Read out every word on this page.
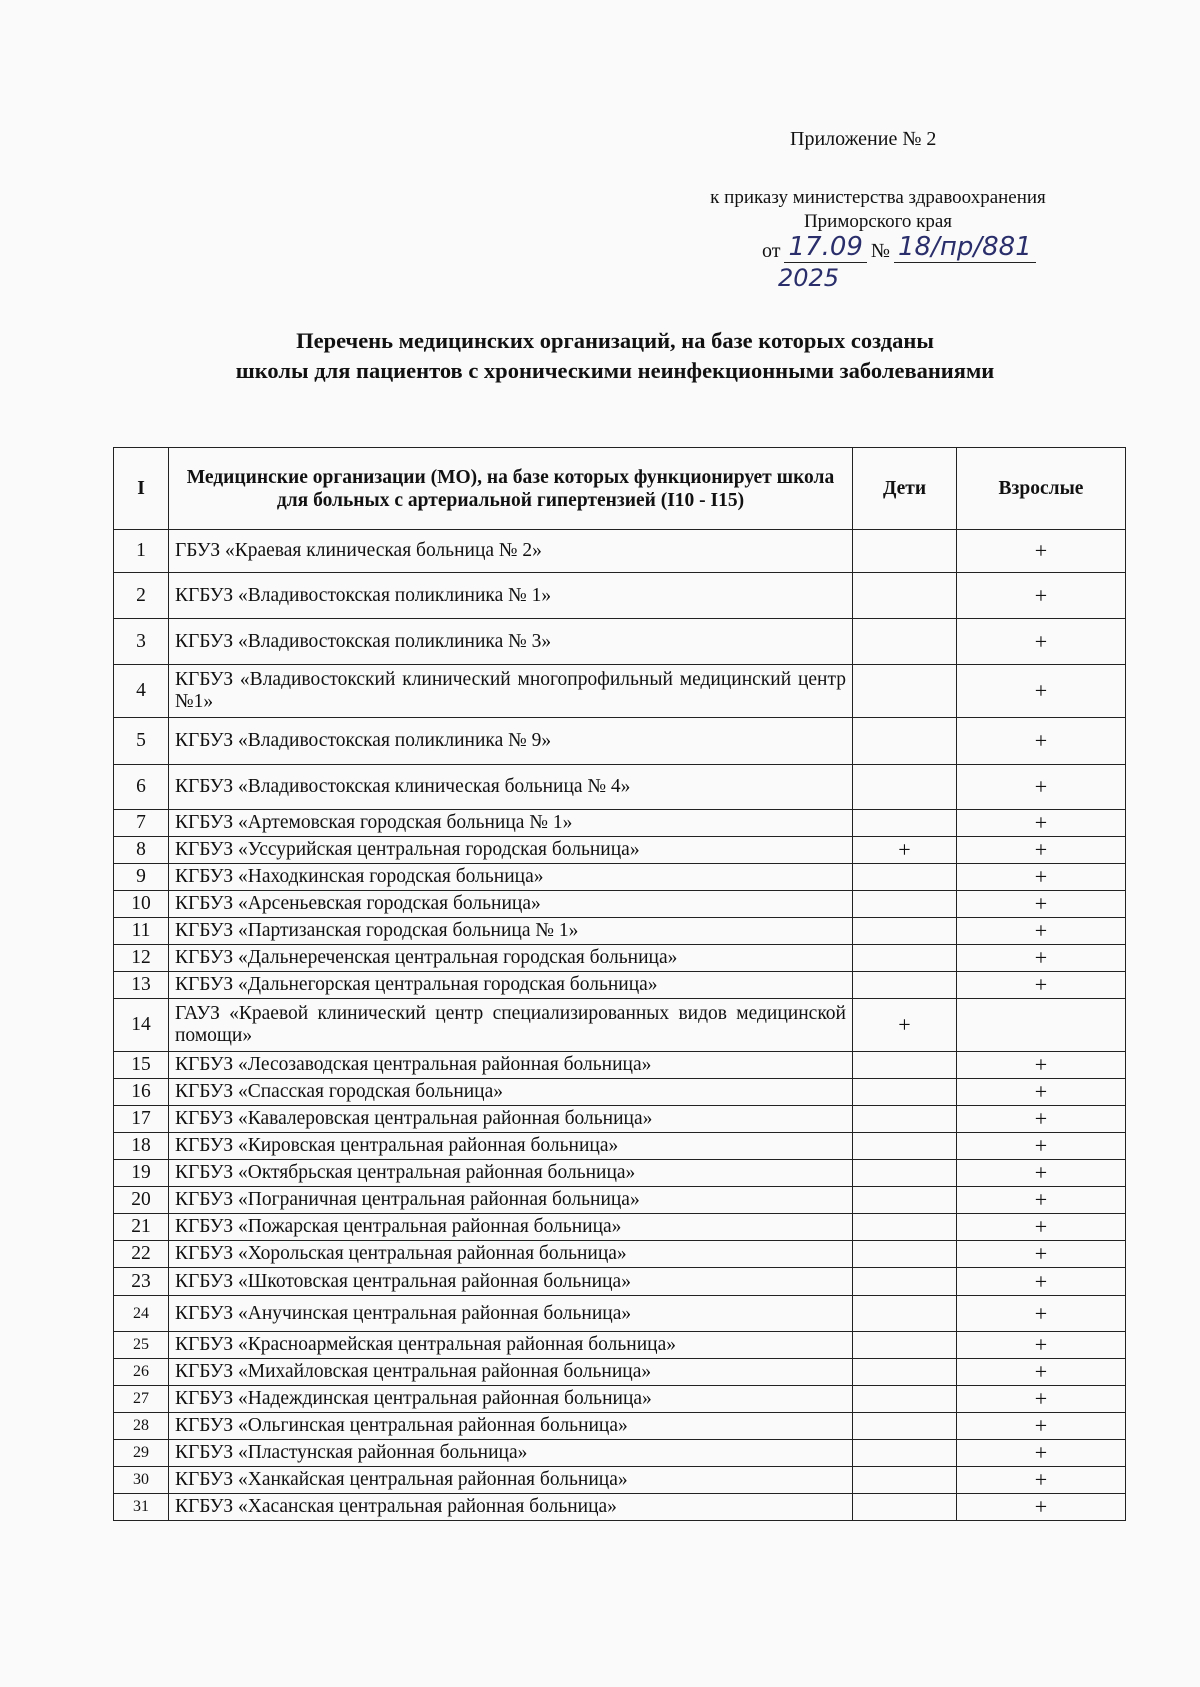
Приложение № 2
к приказу министерства здравоохранения
Приморского края
от 17.09 № 18/пр/881
2025
Перечень медицинских организаций, на базе которых созданы
школы для пациентов с хроническими неинфекционными заболеваниями
I	Медицинские организации (МО), на базе которых функционирует школа для больных с артериальной гипертензией (I10 - I15)	Дети	Взрослые
1	ГБУЗ «Краевая клиническая больница № 2»		+
2	КГБУЗ «Владивостокская поликлиника № 1»		+
3	КГБУЗ «Владивостокская поликлиника № 3»		+
4	КГБУЗ «Владивостокский клинический многопрофильный медицинский центр №1»		+
5	КГБУЗ «Владивостокская поликлиника № 9»		+
6	КГБУЗ «Владивостокская клиническая больница № 4»		+
7	КГБУЗ «Артемовская городская больница № 1»		+
8	КГБУЗ «Уссурийская центральная городская больница»	+	+
9	КГБУЗ «Находкинская городская больница»		+
10	КГБУЗ «Арсеньевская городская больница»		+
11	КГБУЗ «Партизанская городская больница № 1»		+
12	КГБУЗ «Дальнереченская центральная городская больница»		+
13	КГБУЗ «Дальнегорская центральная городская больница»		+
14	ГАУЗ «Краевой клинический центр специализированных видов медицинской помощи»	+	
15	КГБУЗ «Лесозаводская центральная районная больница»		+
16	КГБУЗ «Спасская городская больница»		+
17	КГБУЗ «Кавалеровская центральная районная больница»		+
18	КГБУЗ «Кировская центральная районная больница»		+
19	КГБУЗ «Октябрьская центральная районная больница»		+
20	КГБУЗ «Пограничная центральная районная больница»		+
21	КГБУЗ «Пожарская центральная районная больница»		+
22	КГБУЗ «Хорольская центральная районная больница»		+
23	КГБУЗ «Шкотовская центральная районная больница»		+
24	КГБУЗ «Анучинская центральная районная больница»		+
25	КГБУЗ «Красноармейская центральная районная больница»		+
26	КГБУЗ «Михайловская центральная районная больница»		+
27	КГБУЗ «Надеждинская центральная районная больница»		+
28	КГБУЗ «Ольгинская центральная районная больница»		+
29	КГБУЗ «Пластунская районная больница»		+
30	КГБУЗ «Ханкайская центральная районная больница»		+
31	КГБУЗ «Хасанская центральная районная больница»		+
